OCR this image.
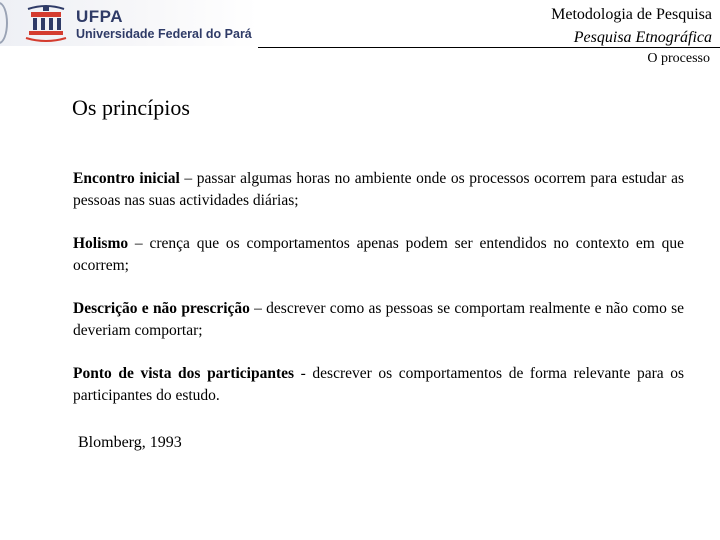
UFPA
Universidade Federal do Pará
Metodologia de Pesquisa
Pesquisa Etnográfica
O processo
Os princípios

Encontro inicial – passar algumas horas no ambiente onde os processos ocorrem para estudar as pessoas nas suas actividades diárias;

Holismo – crença que os comportamentos apenas podem ser entendidos no contexto em que ocorrem;

Descrição e não prescrição – descrever como as pessoas se comportam realmente e não como se deveriam comportar;

Ponto de vista dos participantes - descrever os comportamentos de forma relevante para os participantes do estudo.

Blomberg, 1993
